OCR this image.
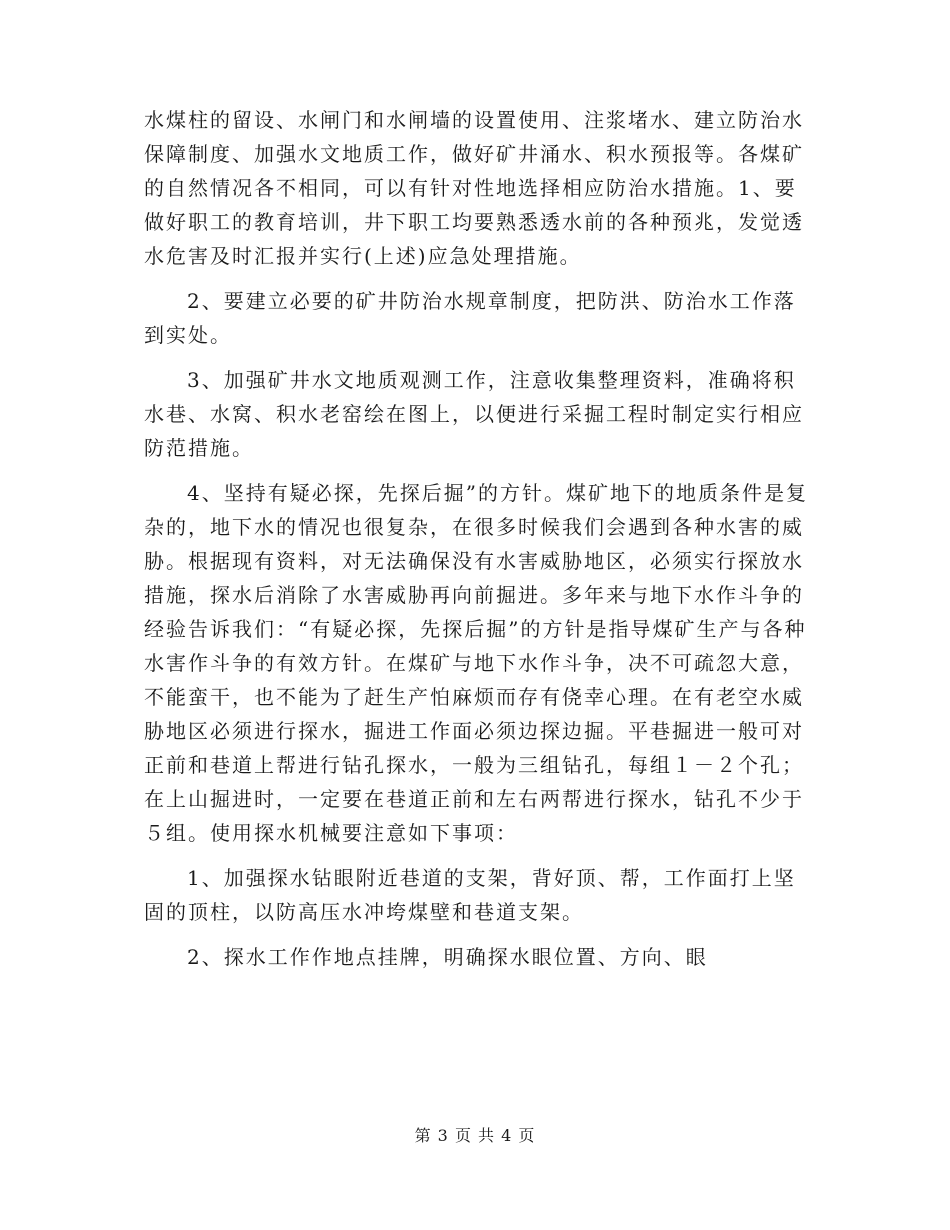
水煤柱的留设、水闸门和水闸墙的设置使用、注浆堵水、建立防治水保障制度、加强水文地质工作，做好矿井涌水、积水预报等。各煤矿的自然情况各不相同，可以有针对性地选择相应防治水措施。1、要做好职工的教育培训，井下职工均要熟悉透水前的各种预兆，发觉透水危害及时汇报并实行(上述)应急处理措施。

2、要建立必要的矿井防治水规章制度，把防洪、防治水工作落到实处。

3、加强矿井水文地质观测工作，注意收集整理资料，准确将积水巷、水窝、积水老窑绘在图上，以便进行采掘工程时制定实行相应防范措施。

4、坚持有疑必探，先探后掘”的方针。煤矿地下的地质条件是复杂的，地下水的情况也很复杂，在很多时候我们会遇到各种水害的威胁。根据现有资料，对无法确保没有水害威胁地区，必须实行探放水措施，探水后消除了水害威胁再向前掘进。多年来与地下水作斗争的经验告诉我们：“有疑必探，先探后掘”的方针是指导煤矿生产与各种水害作斗争的有效方针。在煤矿与地下水作斗争，决不可疏忽大意，不能蛮干，也不能为了赶生产怕麻烦而存有侥幸心理。在有老空水威胁地区必须进行探水，掘进工作面必须边探边掘。平巷掘进一般可对正前和巷道上帮进行钻孔探水，一般为三组钻孔，每组１－２个孔；在上山掘进时，一定要在巷道正前和左右两帮进行探水，钻孔不少于５组。使用探水机械要注意如下事项：

1、加强探水钻眼附近巷道的支架，背好顶、帮，工作面打上坚固的顶柱，以防高压水冲垮煤壁和巷道支架。

2、探水工作作地点挂牌，明确探水眼位置、方向、眼

第 3 页 共 4 页
